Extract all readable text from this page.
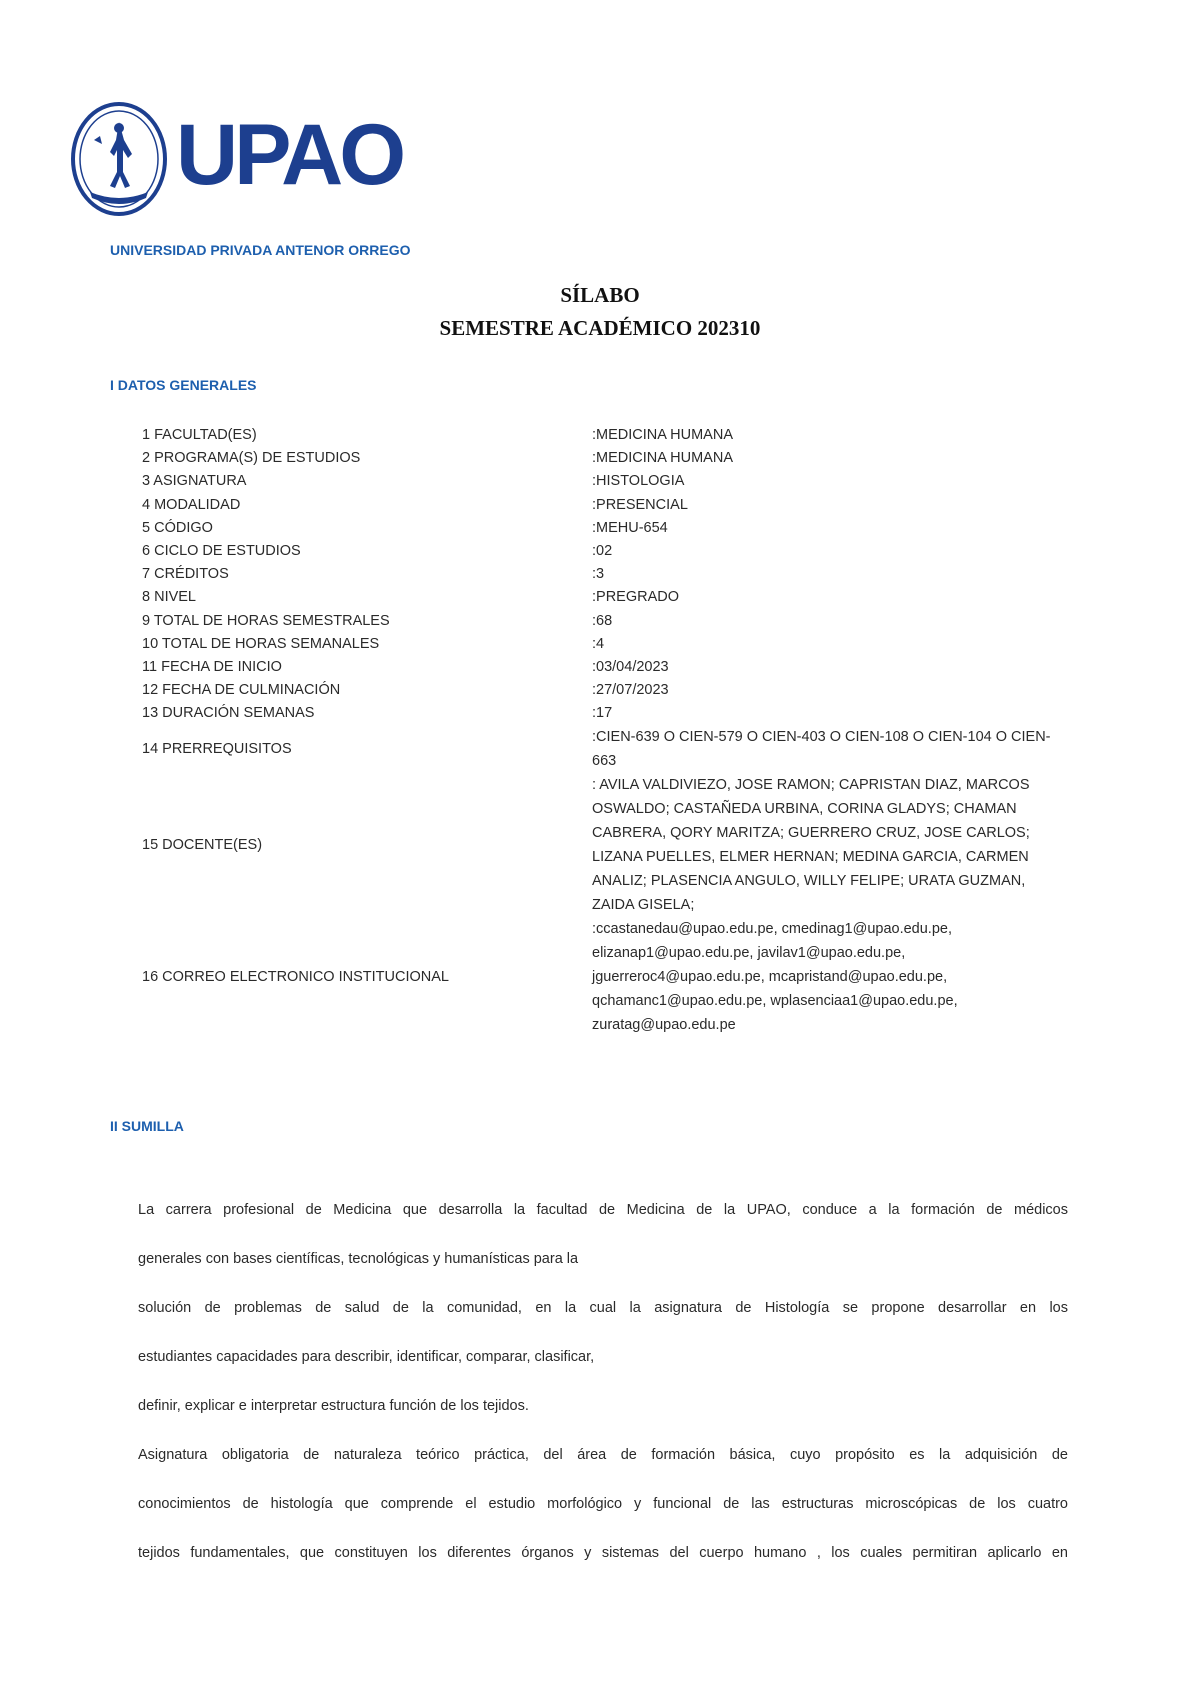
UPAO
UNIVERSIDAD PRIVADA ANTENOR ORREGO
SÍLABO
SEMESTRE ACADÉMICO 202310
I DATOS GENERALES
1 FACULTAD(ES)	:MEDICINA HUMANA
2 PROGRAMA(S) DE ESTUDIOS	:MEDICINA HUMANA
3 ASIGNATURA	:HISTOLOGIA
4 MODALIDAD	:PRESENCIAL
5 CÓDIGO	:MEHU-654
6 CICLO DE ESTUDIOS	:02
7 CRÉDITOS	:3
8 NIVEL	:PREGRADO
9 TOTAL DE HORAS SEMESTRALES	:68
10 TOTAL DE HORAS SEMANALES	:4
11 FECHA DE INICIO	:03/04/2023
12 FECHA DE CULMINACIÓN	:27/07/2023
13 DURACIÓN SEMANAS	:17
14 PRERREQUISITOS
:CIEN-639 O CIEN-579 O CIEN-403 O CIEN-108 O CIEN-104 O CIEN-663
15 DOCENTE(ES)
: AVILA VALDIVIEZO, JOSE RAMON; CAPRISTAN DIAZ, MARCOS OSWALDO; CASTAÑEDA URBINA, CORINA GLADYS; CHAMAN CABRERA, QORY MARITZA; GUERRERO CRUZ, JOSE CARLOS; LIZANA PUELLES, ELMER HERNAN; MEDINA GARCIA, CARMEN ANALIZ; PLASENCIA ANGULO, WILLY FELIPE; URATA GUZMAN, ZAIDA GISELA;
16 CORREO ELECTRONICO INSTITUCIONAL
:ccastanedau@upao.edu.pe, cmedinag1@upao.edu.pe, elizanap1@upao.edu.pe, javilav1@upao.edu.pe, jguerreroc4@upao.edu.pe, mcapristand@upao.edu.pe, qchamanc1@upao.edu.pe, wplasenciaa1@upao.edu.pe, zuratag@upao.edu.pe
II SUMILLA
La carrera profesional de Medicina que desarrolla la facultad de Medicina de la UPAO, conduce a la formación de médicos
generales con bases científicas, tecnológicas y humanísticas para la
solución de problemas de salud de la comunidad, en la cual la asignatura de Histología se propone desarrollar en los
estudiantes capacidades para describir, identificar, comparar, clasificar,
definir, explicar e interpretar estructura función de los tejidos.
Asignatura obligatoria de naturaleza teórico práctica, del área de formación básica, cuyo propósito es la adquisición de
conocimientos de histología que comprende el estudio morfológico y funcional de las estructuras microscópicas de los cuatro
tejidos fundamentales, que constituyen los diferentes órganos y sistemas del cuerpo humano , los cuales permitiran aplicarlo en
